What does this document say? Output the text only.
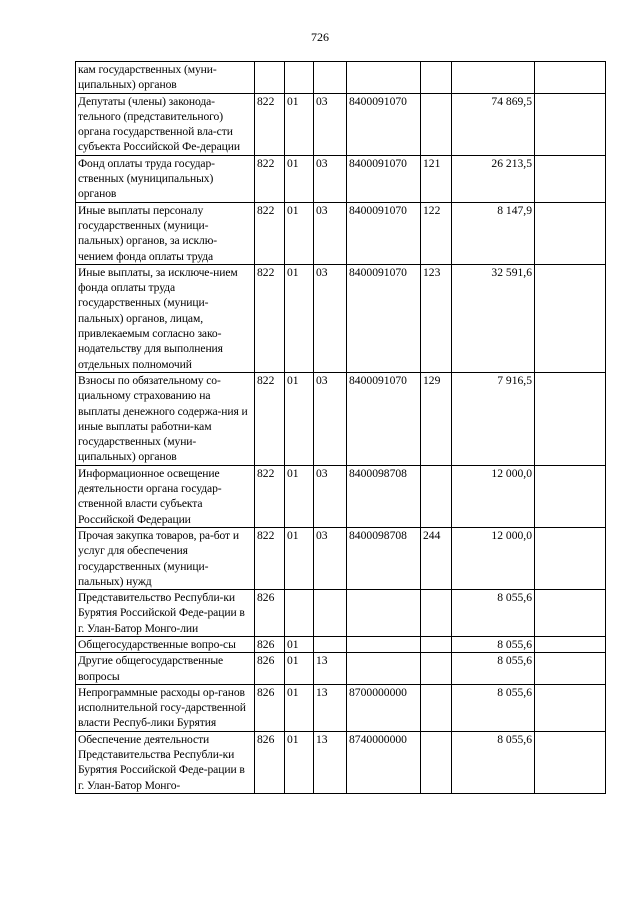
726
кам государственных (муни-ципальных) органов							

Депутаты (члены) законода-тельного (представительного) органа государственной вла-сти субъекта Российской Фе-дерации	822	01	03	8400091070		74 869,5	

Фонд оплаты труда государ-ственных (муниципальных) органов	822	01	03	8400091070	121	26 213,5	

Иные выплаты персоналу государственных (муници-пальных) органов, за исклю-чением фонда оплаты труда	822	01	03	8400091070	122	8 147,9	

Иные выплаты, за исключе-нием фонда оплаты труда государственных (муници-пальных) органов, лицам, привлекаемым согласно зако-нодательству для выполнения отдельных полномочий	822	01	03	8400091070	123	32 591,6	

Взносы по обязательному со-циальному страхованию на выплаты денежного содержа-ния и иные выплаты работни-кам государственных (муни-ципальных) органов	822	01	03	8400091070	129	7 916,5	

Информационное освещение деятельности органа государ-ственной власти субъекта Российской Федерации	822	01	03	8400098708		12 000,0	

Прочая закупка товаров, ра-бот и услуг для обеспечения государственных (муници-пальных) нужд	822	01	03	8400098708	244	12 000,0	

Представительство Республи-ки Бурятия Российской Феде-рации в г. Улан-Батор Монго-лии	826					8 055,6	

Общегосударственные вопро-сы	826	01				8 055,6	

Другие общегосударственные вопросы	826	01	13			8 055,6	

Непрограммные расходы ор-ганов исполнительной госу-дарственной власти Респуб-лики Бурятия	826	01	13	8700000000		8 055,6	

Обеспечение деятельности Представительства Республи-ки Бурятия Российской Феде-рации в г. Улан-Батор Монго-	826	01	13	8740000000		8 055,6	
